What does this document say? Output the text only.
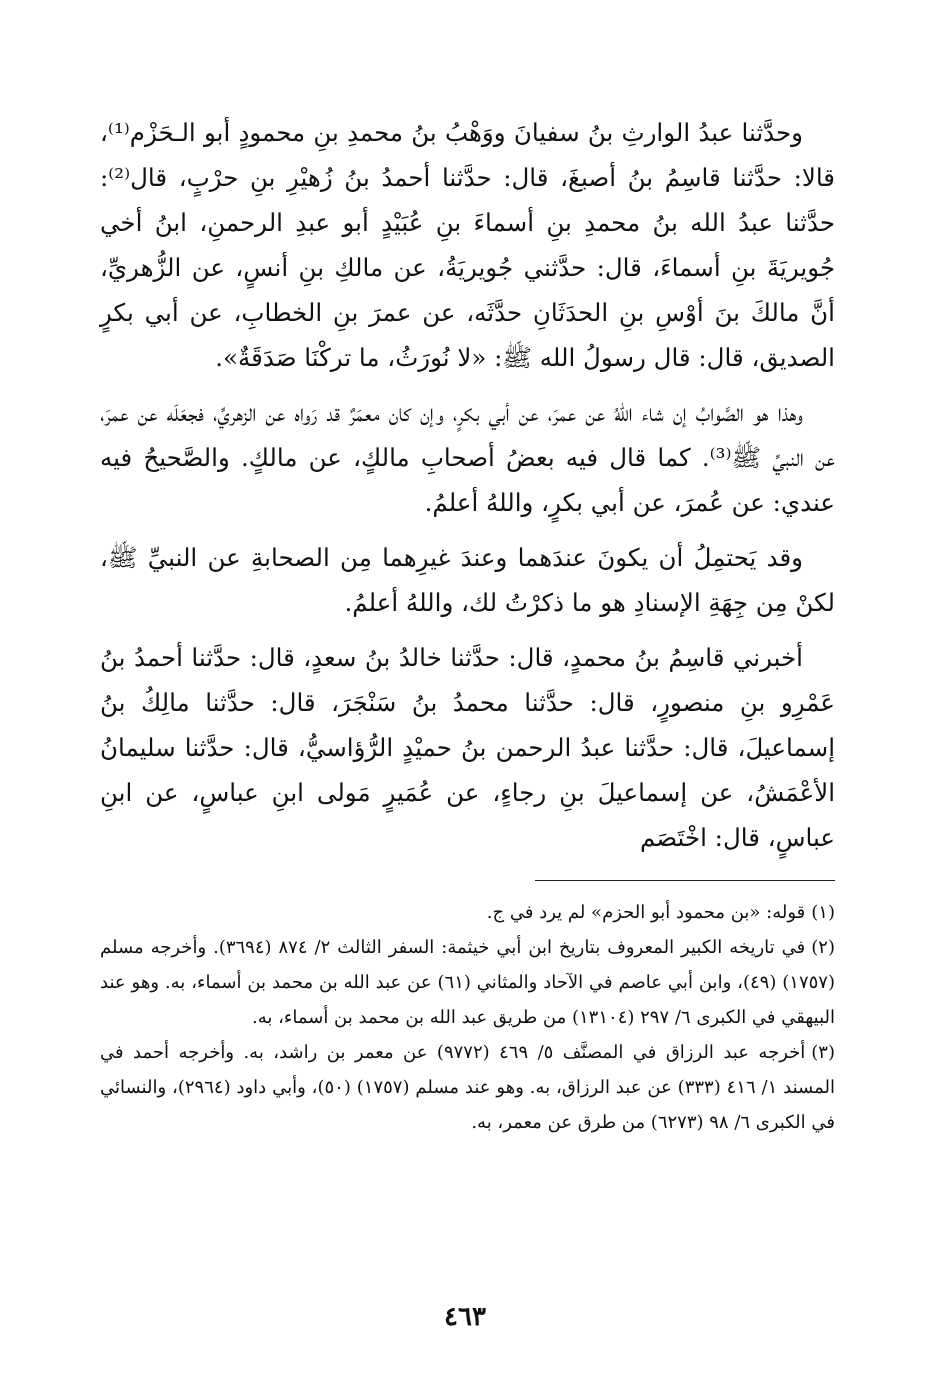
وحدَّثنا عبدُ الوارثِ بنُ سفيانَ ووَهْبُ بنُ محمدِ بنِ محمودٍ أبو الـحَزْم⁽¹⁾، قالا: حدَّثنا قاسِمُ بنُ أصبغَ، قال: حدَّثنا أحمدُ بنُ زُهيْرِ بنِ حرْبٍ، قال⁽²⁾: حدَّثنا عبدُ الله بنُ محمدِ بنِ أسماءَ بنِ عُبَيْدٍ أبو عبدِ الرحمنِ، ابنُ أخي جُويريَةَ بنِ أسماءَ، قال: حدَّثني جُويريَةُ، عن مالكِ بنِ أنسٍ، عن الزُّهريِّ، أنَّ مالكَ بنَ أوْسِ بنِ الحدَثَانِ حدَّثَه، عن عمرَ بنِ الخطابِ، عن أبي بكرٍ الصديق، قال: قال رسولُ الله ﷺ: «لا نُورَثُ، ما تركْنَا صَدَقَةٌ».

وهذا هو الصَّوابُ إن شاء اللهُ عن عمرَ، عن أبي بكرٍ، وإن كان معمَرٌ قد رَواه عن الزهريِّ، فجعَلَه عن عمرَ، عن النبيِّ ﷺ⁽³⁾. كما قال فيه بعضُ أصحابِ مالكٍ، عن مالكٍ. والصَّحيحُ فيه عندي: عن عُمرَ، عن أبي بكرٍ، واللهُ أعلمُ.

وقد يَحتمِلُ أن يكونَ عندَهما وعندَ غيرِهما مِن الصحابةِ عن النبيِّ ﷺ، لكنْ مِن جِهَةِ الإسنادِ هو ما ذكرْتُ لك، واللهُ أعلمُ.

أخبرني قاسِمُ بنُ محمدٍ، قال: حدَّثنا خالدُ بنُ سعدٍ، قال: حدَّثنا أحمدُ بنُ عَمْرِو بنِ منصورٍ، قال: حدَّثنا محمدُ بنُ سَنْجَرَ، قال: حدَّثنا مالِكُ بنُ إسماعيلَ، قال: حدَّثنا عبدُ الرحمن بنُ حميْدٍ الرُّؤاسيُّ، قال: حدَّثنا سليمانُ الأعْمَشُ، عن إسماعيلَ بنِ رجاءٍ، عن عُمَيرٍ مَولى ابنِ عباسٍ، عن ابنِ عباسٍ، قال: اخْتَصَم

(١)قوله: «بن محمود أبو الحزم» لم يرد في ج.

(٢)في تاريخه الكبير المعروف بتاريخ ابن أبي خيثمة: السفر الثالث ٢/ ٨٧٤ (٣٦٩٤). وأخرجه مسلم (١٧٥٧) (٤٩)، وابن أبي عاصم في الآحاد والمثاني (٦١) عن عبد الله بن محمد بن أسماء، به. وهو عند البيهقي في الكبرى ٦/ ٢٩٧ (١٣١٠٤) من طريق عبد الله بن محمد بن أسماء، به.

(٣)أخرجه عبد الرزاق في المصنَّف ٥/ ٤٦٩ (٩٧٧٢) عن معمر بن راشد، به. وأخرجه أحمد في المسند ١/ ٤١٦ (٣٣٣) عن عبد الرزاق، به. وهو عند مسلم (١٧٥٧) (٥٠)، وأبي داود (٢٩٦٤)، والنسائي في الكبرى ٦/ ٩٨ (٦٢٧٣) من طرق عن معمر، به.

٤٦٣
